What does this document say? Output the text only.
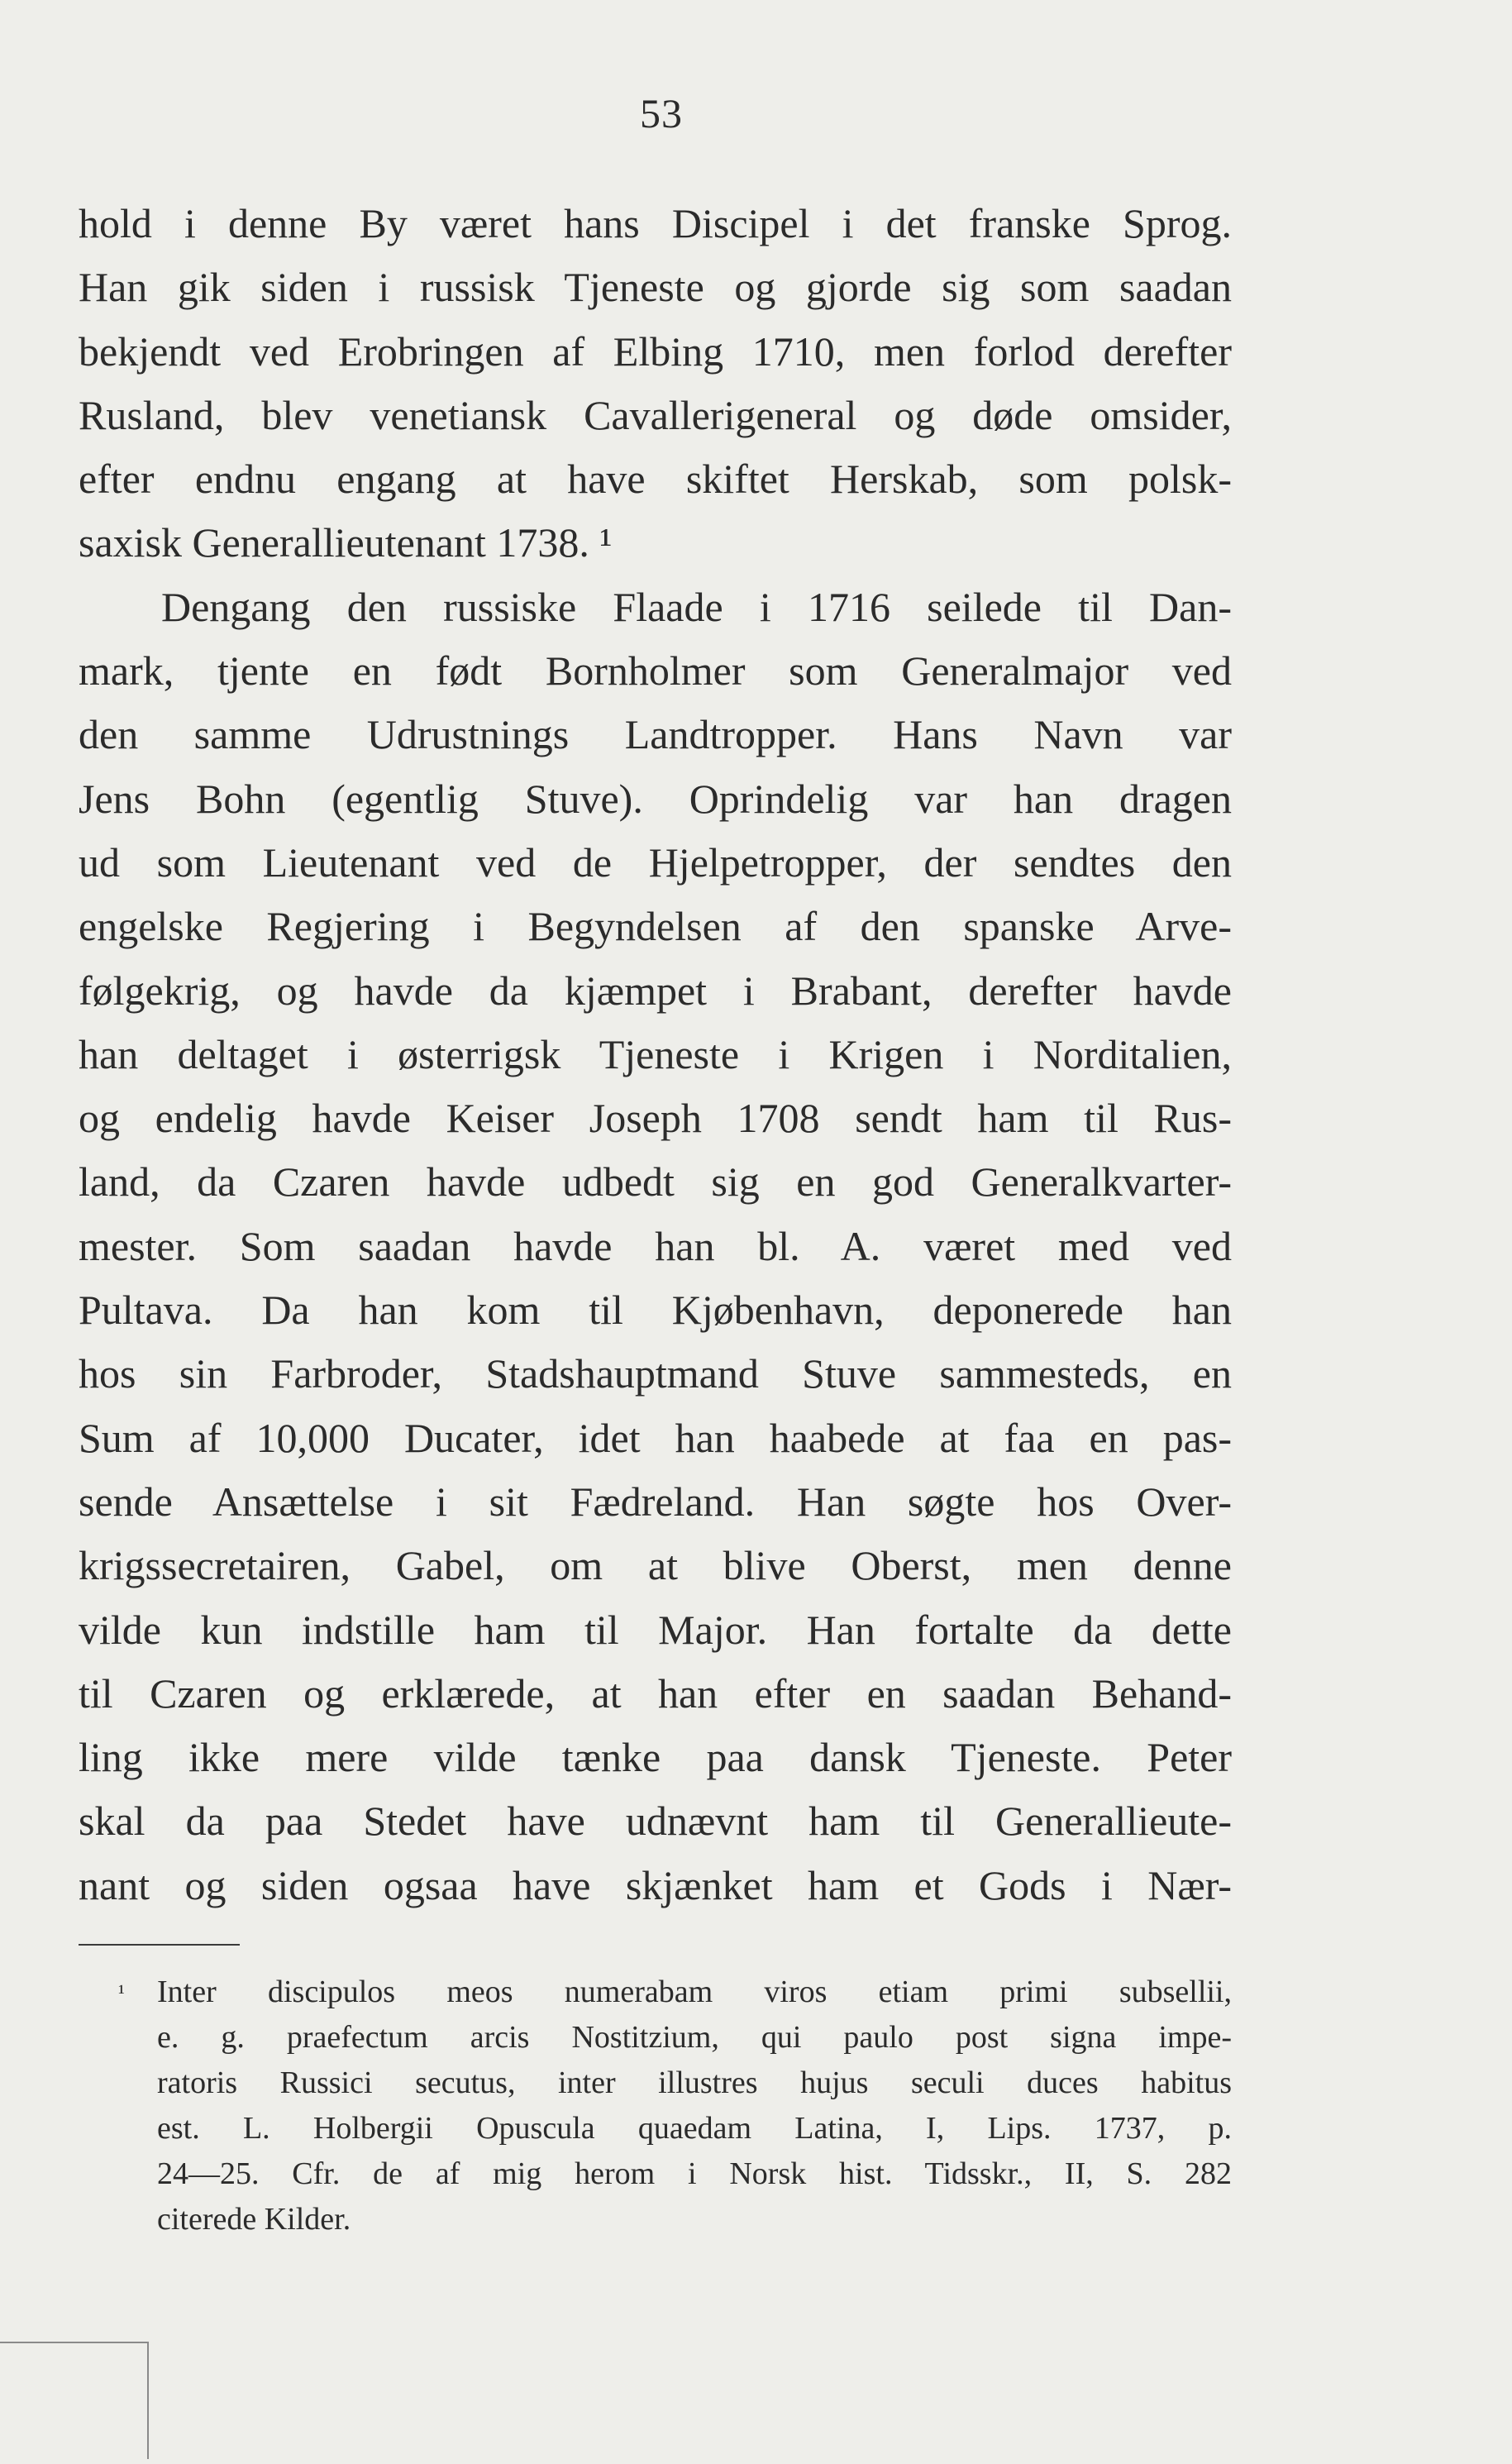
53
hold i denne By været hans Discipel i det franske Sprog.
Han gik siden i russisk Tjeneste og gjorde sig som saadan
bekjendt ved Erobringen af Elbing 1710, men forlod derefter
Rusland, blev venetiansk Cavallerigeneral og døde omsider,
efter endnu engang at have skiftet Herskab, som polsk-
saxisk Generallieutenant 1738. ¹
Dengang den russiske Flaade i 1716 seilede til Dan-
mark, tjente en født Bornholmer som Generalmajor ved
den samme Udrustnings Landtropper. Hans Navn var
Jens Bohn (egentlig Stuve). Oprindelig var han dragen
ud som Lieutenant ved de Hjelpetropper, der sendtes den
engelske Regjering i Begyndelsen af den spanske Arve-
følgekrig, og havde da kjæmpet i Brabant, derefter havde
han deltaget i østerrigsk Tjeneste i Krigen i Norditalien,
og endelig havde Keiser Joseph 1708 sendt ham til Rus-
land, da Czaren havde udbedt sig en god Generalkvarter-
mester. Som saadan havde han bl. A. været med ved
Pultava. Da han kom til Kjøbenhavn, deponerede han
hos sin Farbroder, Stadshauptmand Stuve sammesteds, en
Sum af 10,000 Ducater, idet han haabede at faa en pas-
sende Ansættelse i sit Fædreland. Han søgte hos Over-
krigssecretairen, Gabel, om at blive Oberst, men denne
vilde kun indstille ham til Major. Han fortalte da dette
til Czaren og erklærede, at han efter en saadan Behand-
ling ikke mere vilde tænke paa dansk Tjeneste. Peter
skal da paa Stedet have udnævnt ham til Generallieute-
nant og siden ogsaa have skjænket ham et Gods i Nær-
¹	Inter discipulos meos numerabam viros etiam primi subsellii,
e. g. praefectum arcis Nostitzium, qui paulo post signa impe-
ratoris Russici secutus, inter illustres hujus seculi duces habitus
est. L. Holbergii Opuscula quaedam Latina, I, Lips. 1737, p.
24—25. Cfr. de af mig herom i Norsk hist. Tidsskr., II, S. 282
citerede Kilder.
